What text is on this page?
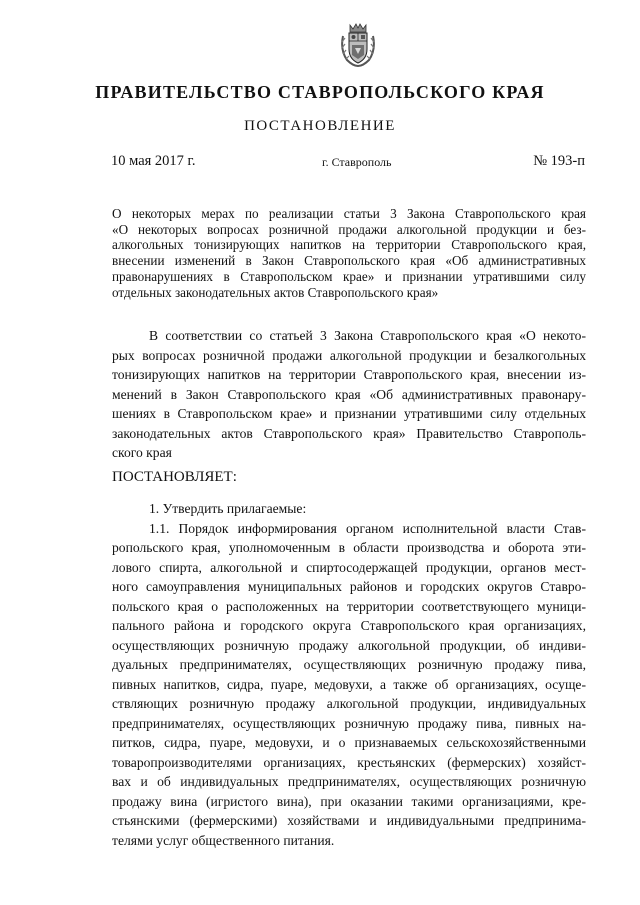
ПРАВИТЕЛЬСТВО СТАВРОПОЛЬСКОГО КРАЯ
ПОСТАНОВЛЕНИЕ
10 мая 2017 г.	г. Ставрополь	№ 193-п
О некоторых мерах по реализации статьи 3 Закона Ставропольского края
«О некоторых вопросах розничной продажи алкогольной продукции и без-
алкогольных тонизирующих напитков на территории Ставропольского края,
внесении изменений в Закон Ставропольского края «Об административных
правонарушениях в Ставропольском крае» и признании утратившими силу
отдельных законодательных актов Ставропольского края»
В соответствии со статьей 3 Закона Ставропольского края «О некото-
рых вопросах розничной продажи алкогольной продукции и безалкогольных
тонизирующих напитков на территории Ставропольского края, внесении из-
менений в Закон Ставропольского края «Об административных правонару-
шениях в Ставропольском крае» и признании утратившими силу отдельных
законодательных актов Ставропольского края» Правительство Ставрополь-
ского края
ПОСТАНОВЛЯЕТ:
1. Утвердить прилагаемые:
1.1. Порядок информирования органом исполнительной власти Став-
ропольского края, уполномоченным в области производства и оборота эти-
лового спирта, алкогольной и спиртосодержащей продукции, органов мест-
ного самоуправления муниципальных районов и городских округов Ставро-
польского края о расположенных на территории соответствующего муници-
пального района и городского округа Ставропольского края организациях,
осуществляющих розничную продажу алкогольной продукции, об индиви-
дуальных предпринимателях, осуществляющих розничную продажу пива,
пивных напитков, сидра, пуаре, медовухи, а также об организациях, осуще-
ствляющих розничную продажу алкогольной продукции, индивидуальных
предпринимателях, осуществляющих розничную продажу пива, пивных на-
питков, сидра, пуаре, медовухи, и о признаваемых сельскохозяйственными
товаропроизводителями организациях, крестьянских (фермерских) хозяйст-
вах и об индивидуальных предпринимателях, осуществляющих розничную
продажу вина (игристого вина), при оказании такими организациями, кре-
стьянскими (фермерскими) хозяйствами и индивидуальными предпринима-
телями услуг общественного питания.
